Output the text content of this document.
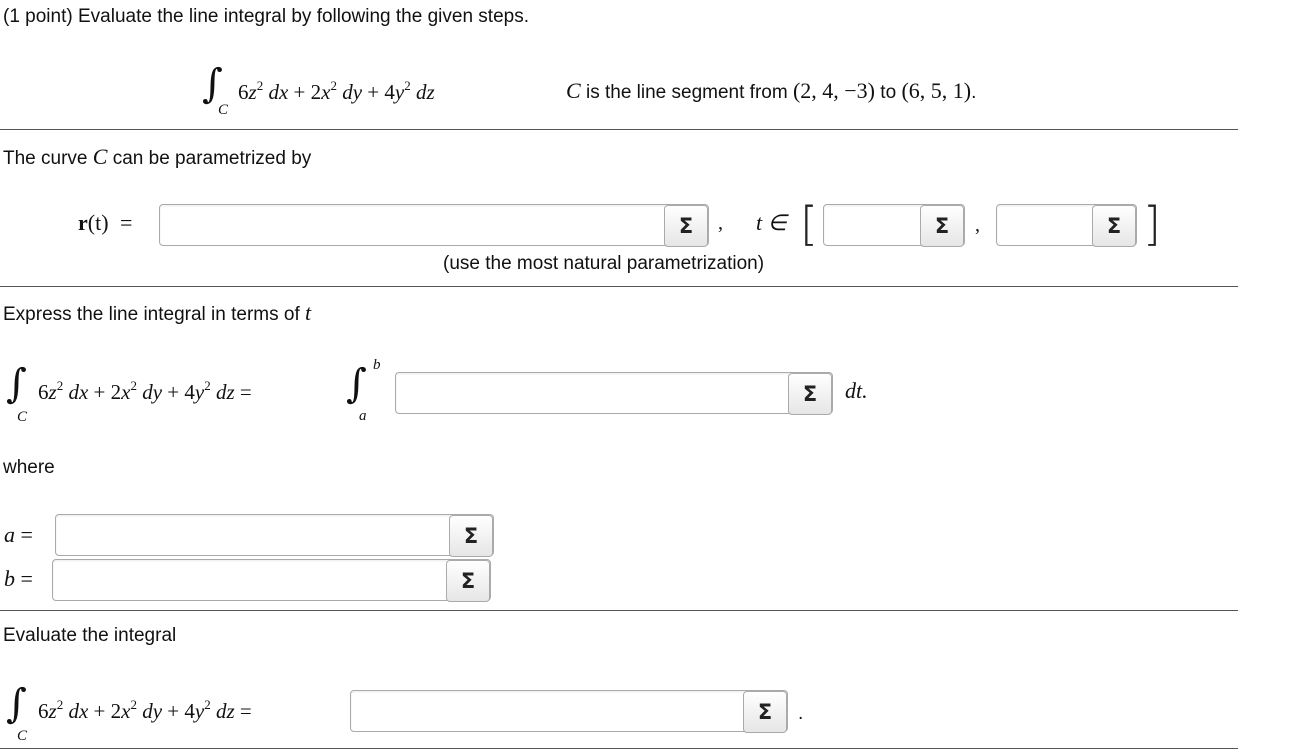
(1 point) Evaluate the line integral by following the given steps.
∫
C
$6z^2$ dx + $2x^2$ dy + $4y^2$ dz	C is the line segment from (2, 4, −3) to (6, 5, 1).
The curve C can be parametrized by
r(t) =	Σ	, t ∈ [	Σ	,	Σ ]
(use the most natural parametrization)
Express the line integral in terms of t
∫
C
$6z^2$ dx + $2x^2$ dy + $4y^2$ dz = ∫ b
a
Σ	dt.
where
a =	Σ
b =	Σ
Evaluate the integral
∫
C
$6z^2$ dx + $2x^2$ dy + $4y^2$ dz =	Σ	.
